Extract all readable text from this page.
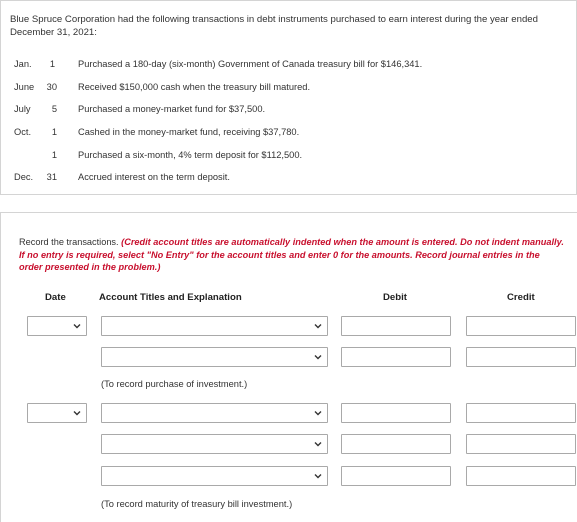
Blue Spruce Corporation had the following transactions in debt instruments purchased to earn interest during the year ended December 31, 2021:
Jan.	1 Purchased a 180-day (six-month) Government of Canada treasury bill for $146,341.
June	30 Received $150,000 cash when the treasury bill matured.
July	5 Purchased a money-market fund for $37,500.
Oct.	1 Cashed in the money-market fund, receiving $37,780.
1 Purchased a six-month, 4% term deposit for $112,500.
Dec.	31 Accrued interest on the term deposit.
Record the transactions. (Credit account titles are automatically indented when the amount is entered. Do not indent manually. If no entry is required, select "No Entry" for the account titles and enter 0 for the amounts. Record journal entries in the order presented in the problem.)
Date	Account Titles and Explanation	Debit	Credit
(To record purchase of investment.)
(To record maturity of treasury bill investment.)
